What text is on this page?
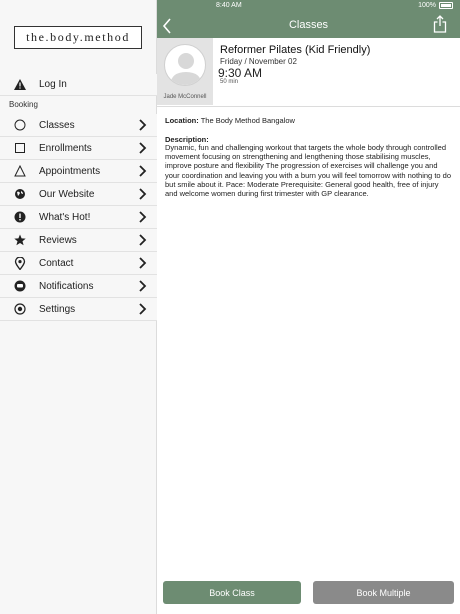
the.body.method
Log In
Booking
Classes
Enrollments
Appointments
Our Website
What's Hot!
Reviews
Contact
Notifications
Settings
8:40 AM	100%
Classes
Jade McConnell
Reformer Pilates (Kid Friendly)
Friday / November 02
9:30 AM
50 min
Location: The Body Method Bangalow
Description:
Dynamic, fun and challenging workout that targets the whole body through controlled movement focusing on strengthening and lengthening those stabilising muscles, improve posture and flexibility The progression of exercises will challenge you and your coordination and leaving you with a burn you will feel tomorrow with nothing to do but smile about it. Pace: Moderate Prerequisite: General good health, free of injury and welcome women during first trimester with GP clearance.
Book Class	Book Multiple
